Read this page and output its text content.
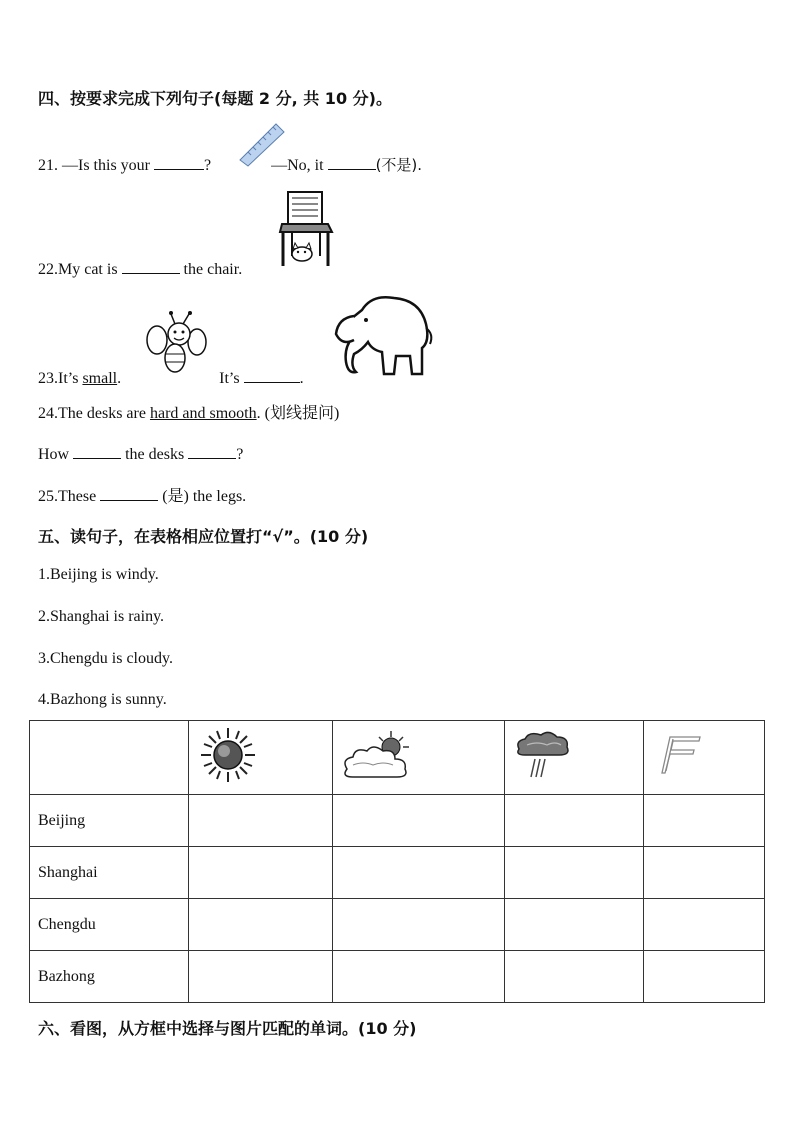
四、按要求完成下列句子(每题 2 分, 共 10 分)。
21. —Is this your	?	—No, it	(不是).
22.My cat is	the chair.
23.It’s small.	It’s	.
24.The desks are hard and smooth. (划线提问)
How	the desks	?
25.These	(是) the legs.
五、读句子，在表格相应位置打“√”。(10 分)
1.Beijing is windy.
2.Shanghai is rainy.
3.Chengdu is cloudy.
4.Bazhong is sunny.

Beijing				
Shanghai				
Chengdu				
Bazhong				
六、看图，从方框中选择与图片匹配的单词。(10 分)
